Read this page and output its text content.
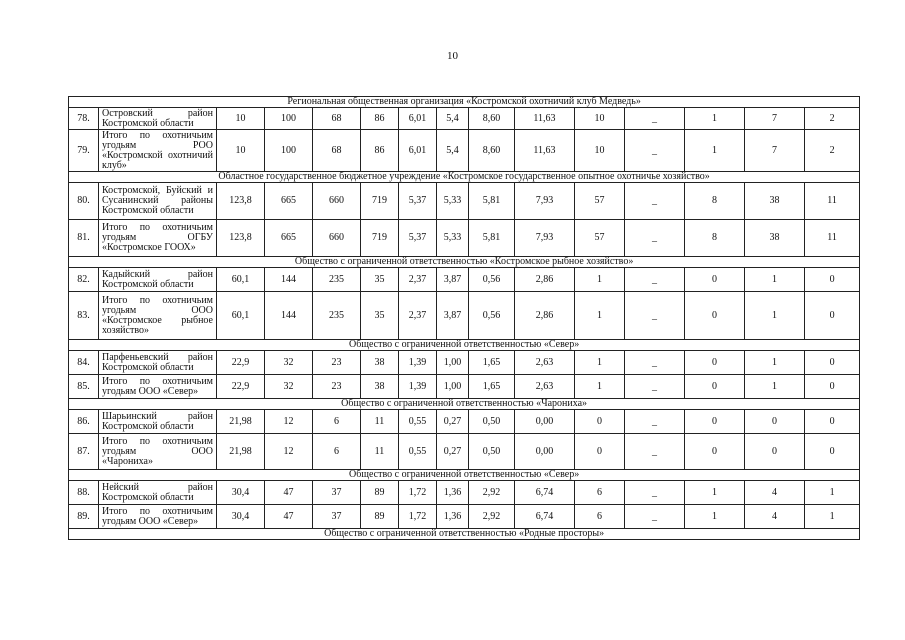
10
Региональная общественная организация «Костромской охотничий клуб Медведь»														
78.	Островский район Костромской области	10	100	68	86	6,01	5,4	8,60	11,63	10	_	1	7	2
79.	Итого по охотничьим угодьям РОО «Костромской охотничий клуб»	10	100	68	86	6,01	5,4	8,60	11,63	10	_	1	7	2
Областное государственное бюджетное учреждение «Костромское государственное опытное охотничье хозяйство»														
80.	Костромской, Буйский и Сусанинский районы Костромской области	123,8	665	660	719	5,37	5,33	5,81	7,93	57	_	8	38	11
81.	Итого по охотничьим угодьям ОГБУ «Костромское ГООХ»	123,8	665	660	719	5,37	5,33	5,81	7,93	57	_	8	38	11
Общество с ограниченной ответственностью «Костромское рыбное хозяйство»														
82.	Кадыйский район Костромской области	60,1	144	235	35	2,37	3,87	0,56	2,86	1	_	0	1	0
83.	Итого по охотничьим угодьям ООО «Костромское рыбное хозяйство»	60,1	144	235	35	2,37	3,87	0,56	2,86	1	_	0	1	0
Общество с ограниченной ответственностью «Север»														
84.	Парфеньевский район Костромской области	22,9	32	23	38	1,39	1,00	1,65	2,63	1	_	0	1	0
85.	Итого по охотничьим угодьям ООО «Север»	22,9	32	23	38	1,39	1,00	1,65	2,63	1	_	0	1	0
Общество с ограниченной ответственностью «Чарониха»														
86.	Шарьинский район Костромской области	21,98	12	6	11	0,55	0,27	0,50	0,00	0	_	0	0	0
87.	Итого по охотничьим угодьям ООО «Чарониха»	21,98	12	6	11	0,55	0,27	0,50	0,00	0	_	0	0	0
Общество с ограниченной ответственностью «Север»														
88.	Нейский район Костромской области	30,4	47	37	89	1,72	1,36	2,92	6,74	6	_	1	4	1
89.	Итого по охотничьим угодьям ООО «Север»	30,4	47	37	89	1,72	1,36	2,92	6,74	6	_	1	4	1
Общество с ограниченной ответственностью «Родные просторы»														
